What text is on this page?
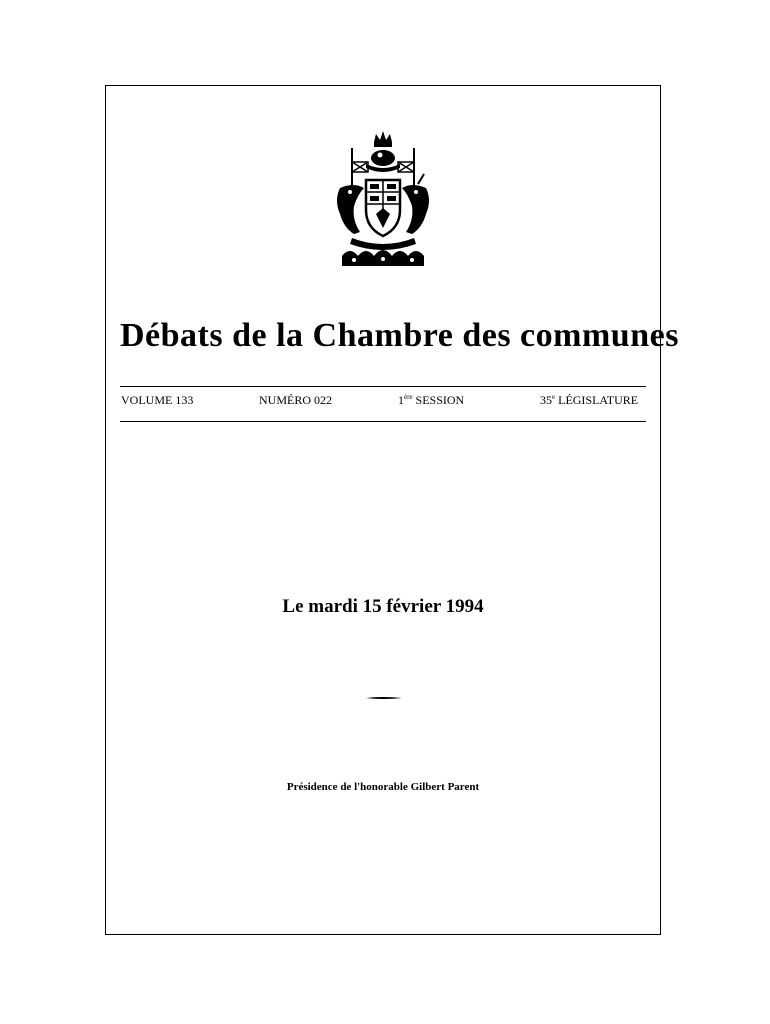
Débats de la Chambre des communes
VOLUME 133	NUMÉRO 022	1ère SESSION	35e LÉGISLATURE
Le mardi 15 février 1994
Présidence de l'honorable Gilbert Parent
